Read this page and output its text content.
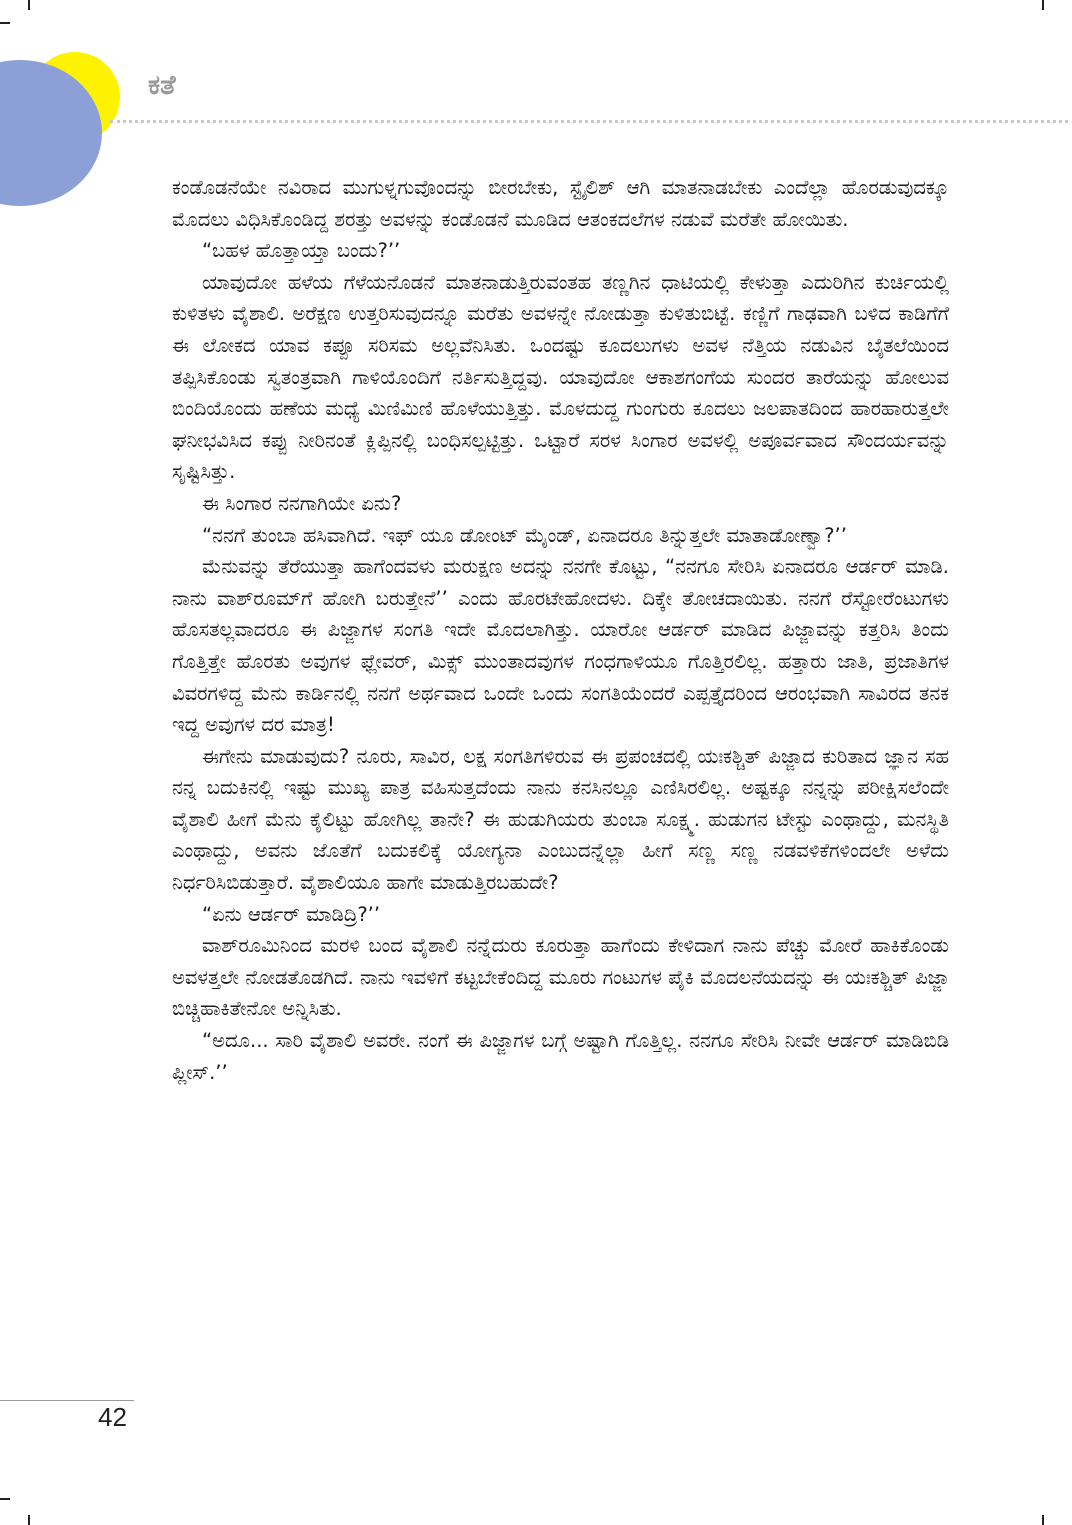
ಕತೆ

ಕಂಡೊಡನೆಯೇ ನವಿರಾದ ಮುಗುಳ್ನಗುವೊಂದನ್ನು ಬೀರಬೇಕು, ಸ್ಟೈಲಿಶ್ ಆಗಿ ಮಾತನಾಡಬೇಕು ಎಂದೆಲ್ಲಾ ಹೊರಡುವುದಕ್ಕೂ ಮೊದಲು ವಿಧಿಸಿಕೊಂಡಿದ್ದ ಶರತ್ತು ಅವಳನ್ನು ಕಂಡೊಡನೆ ಮೂಡಿದ ಆತಂಕದಲೆಗಳ ನಡುವೆ ಮರೆತೇ ಹೋಯಿತು.

“ಬಹಳ ಹೊತ್ತಾಯ್ತಾ ಬಂದು?’’

ಯಾವುದೋ ಹಳೆಯ ಗೆಳೆಯನೊಡನೆ ಮಾತನಾಡುತ್ತಿರುವಂತಹ ತಣ್ಣಗಿನ ಧಾಟಿಯಲ್ಲಿ ಕೇಳುತ್ತಾ ಎದುರಿಗಿನ ಕುರ್ಚಿಯಲ್ಲಿ ಕುಳಿತಳು ವೈಶಾಲಿ. ಅರೆಕ್ಷಣ ಉತ್ತರಿಸುವುದನ್ನೂ ಮರೆತು ಅವಳನ್ನೇ ನೋಡುತ್ತಾ ಕುಳಿತುಬಿಟ್ಟೆ. ಕಣ್ಣಿಗೆ ಗಾಢವಾಗಿ ಬಳಿದ ಕಾಡಿಗೆಗೆ ಈ ಲೋಕದ ಯಾವ ಕಪ್ಪೂ ಸರಿಸಮ ಅಲ್ಲವೆನಿಸಿತು. ಒಂದಷ್ಟು ಕೂದಲುಗಳು ಅವಳ ನೆತ್ತಿಯ ನಡುವಿನ ಬೈತಲೆಯಿಂದ ತಪ್ಪಿಸಿಕೊಂಡು ಸ್ವತಂತ್ರವಾಗಿ ಗಾಳಿಯೊಂದಿಗೆ ನರ್ತಿಸುತ್ತಿದ್ದವು. ಯಾವುದೋ ಆಕಾಶಗಂಗೆಯ ಸುಂದರ ತಾರೆಯನ್ನು ಹೋಲುವ ಬಿಂದಿಯೊಂದು ಹಣೆಯ ಮಧ್ಯೆ ಮಿಣಿಮಿಣಿ ಹೊಳೆಯುತ್ತಿತ್ತು. ಮೊಳದುದ್ದ ಗುಂಗುರು ಕೂದಲು ಜಲಪಾತದಿಂದ ಹಾರಹಾರುತ್ತಲೇ ಘನೀಭವಿಸಿದ ಕಪ್ಪು ನೀರಿನಂತೆ ಕ್ಲಿಪ್ಪಿನಲ್ಲಿ ಬಂಧಿಸಲ್ಪಟ್ಟಿತ್ತು. ಒಟ್ಟಾರೆ ಸರಳ ಸಿಂಗಾರ ಅವಳಲ್ಲಿ ಅಪೂರ್ವವಾದ ಸೌಂದರ್ಯವನ್ನು ಸೃಷ್ಟಿಸಿತ್ತು.

ಈ ಸಿಂಗಾರ ನನಗಾಗಿಯೇ ಏನು?

“ನನಗೆ ತುಂಬಾ ಹಸಿವಾಗಿದೆ. ಇಫ್ ಯೂ ಡೋಂಟ್ ಮೈಂಡ್, ಏನಾದರೂ ತಿನ್ನುತ್ತಲೇ ಮಾತಾಡೋಣ್ವಾ?’’

ಮೆನುವನ್ನು ತೆರೆಯುತ್ತಾ ಹಾಗೆಂದವಳು ಮರುಕ್ಷಣ ಅದನ್ನು ನನಗೇ ಕೊಟ್ಟು, “ನನಗೂ ಸೇರಿಸಿ ಏನಾದರೂ ಆರ್ಡರ್ ಮಾಡಿ. ನಾನು ವಾಶ್‌ರೂಮ್‌ಗೆ ಹೋಗಿ ಬರುತ್ತೇನೆ’’ ಎಂದು ಹೊರಟೇಹೋದಳು. ದಿಕ್ಕೇ ತೋಚದಾಯಿತು. ನನಗೆ ರೆಸ್ಟೋರೆಂಟುಗಳು ಹೊಸತಲ್ಲವಾದರೂ ಈ ಪಿಜ್ಜಾಗಳ ಸಂಗತಿ ಇದೇ ಮೊದಲಾಗಿತ್ತು. ಯಾರೋ ಆರ್ಡರ್ ಮಾಡಿದ ಪಿಜ್ಜಾವನ್ನು ಕತ್ತರಿಸಿ ತಿಂದು ಗೊತ್ತಿತ್ತೇ ಹೊರತು ಅವುಗಳ ಫ್ಲೇವರ್, ಮಿಕ್ಸ್ ಮುಂತಾದವುಗಳ ಗಂಧಗಾಳಿಯೂ ಗೊತ್ತಿರಲಿಲ್ಲ. ಹತ್ತಾರು ಜಾತಿ, ಪ್ರಜಾತಿಗಳ ವಿವರಗಳಿದ್ದ ಮೆನು ಕಾರ್ಡಿನಲ್ಲಿ ನನಗೆ ಅರ್ಥವಾದ ಒಂದೇ ಒಂದು ಸಂಗತಿಯೆಂದರೆ ಎಪ್ಪತ್ತೈದರಿಂದ ಆರಂಭವಾಗಿ ಸಾವಿರದ ತನಕ ಇದ್ದ ಅವುಗಳ ದರ ಮಾತ್ರ!

ಈಗೇನು ಮಾಡುವುದು? ನೂರು, ಸಾವಿರ, ಲಕ್ಷ ಸಂಗತಿಗಳಿರುವ ಈ ಪ್ರಪಂಚದಲ್ಲಿ ಯಃಕಶ್ಚಿತ್ ಪಿಜ್ಜಾದ ಕುರಿತಾದ ಜ್ಞಾನ ಸಹ ನನ್ನ ಬದುಕಿನಲ್ಲಿ ಇಷ್ಟು ಮುಖ್ಯ ಪಾತ್ರ ವಹಿಸುತ್ತದೆಂದು ನಾನು ಕನಸಿನಲ್ಲೂ ಎಣಿಸಿರಲಿಲ್ಲ. ಅಷ್ಟಕ್ಕೂ ನನ್ನನ್ನು ಪರೀಕ್ಷಿಸಲೆಂದೇ ವೈಶಾಲಿ ಹೀಗೆ ಮೆನು ಕೈಲಿಟ್ಟು ಹೋಗಿಲ್ಲ ತಾನೇ? ಈ ಹುಡುಗಿಯರು ತುಂಬಾ ಸೂಕ್ಷ್ಮ. ಹುಡುಗನ ಟೇಸ್ಟು ಎಂಥಾದ್ದು, ಮನಸ್ಥಿತಿ ಎಂಥಾದ್ದು, ಅವನು ಜೊತೆಗೆ ಬದುಕಲಿಕ್ಕೆ ಯೋಗ್ಯನಾ ಎಂಬುದನ್ನೆಲ್ಲಾ ಹೀಗೆ ಸಣ್ಣ ಸಣ್ಣ ನಡವಳಿಕೆಗಳಿಂದಲೇ ಅಳೆದು ನಿರ್ಧರಿಸಿಬಿಡುತ್ತಾರೆ. ವೈಶಾಲಿಯೂ ಹಾಗೇ ಮಾಡುತ್ತಿರಬಹುದೇ?

“ಏನು ಆರ್ಡರ್ ಮಾಡಿದ್ರಿ?’’

ವಾಶ್‌ರೂಮಿನಿಂದ ಮರಳಿ ಬಂದ ವೈಶಾಲಿ ನನ್ನೆದುರು ಕೂರುತ್ತಾ ಹಾಗೆಂದು ಕೇಳಿದಾಗ ನಾನು ಪೆಚ್ಚು ಮೋರೆ ಹಾಕಿಕೊಂಡು ಅವಳತ್ತಲೇ ನೋಡತೊಡಗಿದೆ. ನಾನು ಇವಳಿಗೆ ಕಟ್ಟಬೇಕೆಂದಿದ್ದ ಮೂರು ಗಂಟುಗಳ ಪೈಕಿ ಮೊದಲನೆಯದನ್ನು ಈ ಯಃಕಶ್ಚಿತ್ ಪಿಜ್ಜಾ ಬಿಚ್ಚಿಹಾಕಿತೇನೋ ಅನ್ನಿಸಿತು.

“ಅದೂ... ಸಾರಿ ವೈಶಾಲಿ ಅವರೇ. ನಂಗೆ ಈ ಪಿಜ್ಜಾಗಳ ಬಗ್ಗೆ ಅಷ್ಟಾಗಿ ಗೊತ್ತಿಲ್ಲ. ನನಗೂ ಸೇರಿಸಿ ನೀವೇ ಆರ್ಡರ್ ಮಾಡಿಬಿಡಿ ಪ್ಲೀಸ್.’’

42
